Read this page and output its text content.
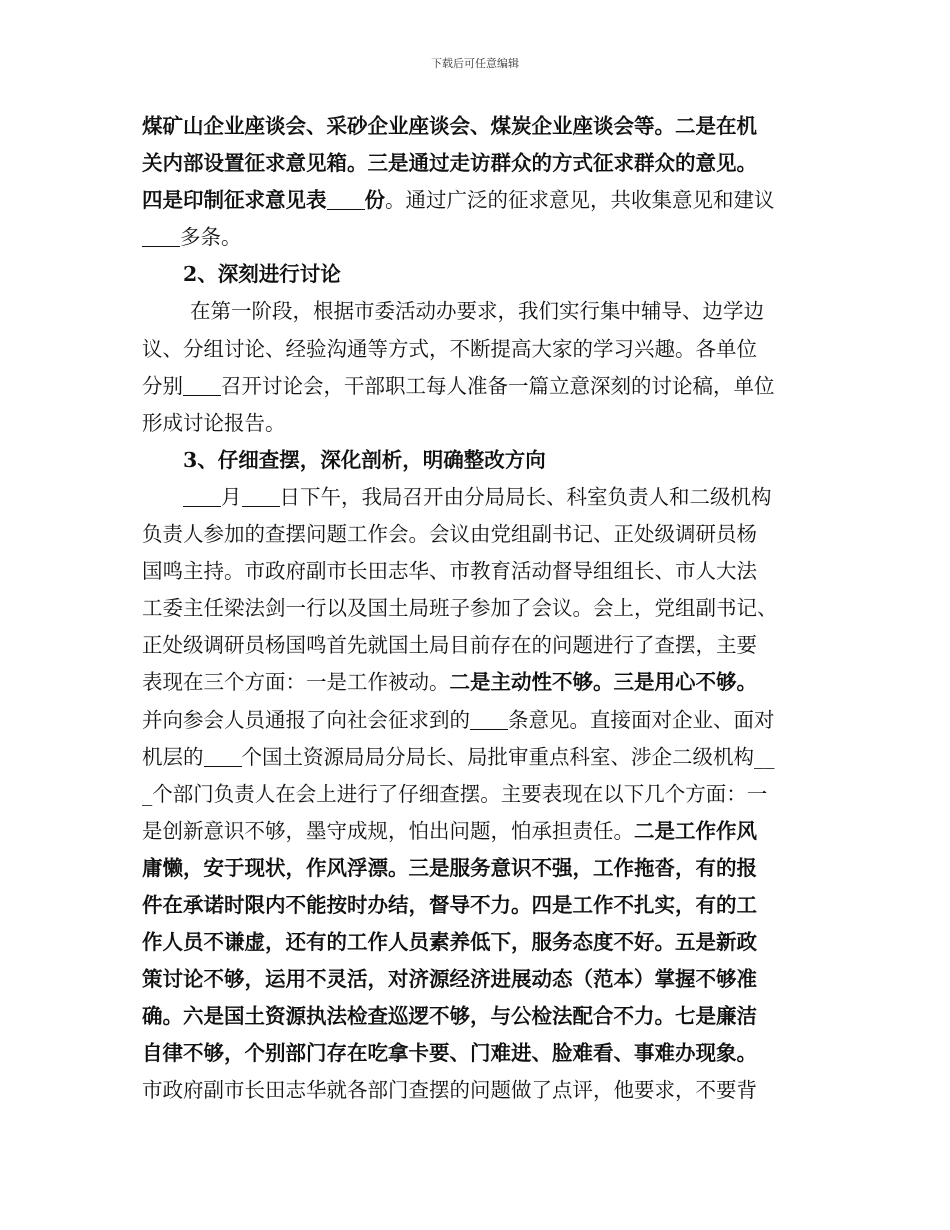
下载后可任意编辑
煤矿山企业座谈会、采砂企业座谈会、煤炭企业座谈会等。二是在机
关内部设置征求意见箱。三是通过走访群众的方式征求群众的意见。
四是印制征求意见表 份。通过广泛的征求意见，共收集意见和建议
多条。
2、深刻进行讨论
在第一阶段，根据市委活动办要求，我们实行集中辅导、边学边
议、分组讨论、经验沟通等方式，不断提高大家的学习兴趣。各单位
分别 召开讨论会，干部职工每人准备一篇立意深刻的讨论稿，单位
形成讨论报告。
3、仔细查摆，深化剖析，明确整改方向
月 日下午，我局召开由分局局长、科室负责人和二级机构
负责人参加的查摆问题工作会。会议由党组副书记、正处级调研员杨
国鸣主持。市政府副市长田志华、市教育活动督导组组长、市人大法
工委主任梁法剑一行以及国土局班子参加了会议。会上，党组副书记、
正处级调研员杨国鸣首先就国土局目前存在的问题进行了查摆，主要
表现在三个方面：一是工作被动。二是主动性不够。三是用心不够。
并向参会人员通报了向社会征求到的 条意见。直接面对企业、面对
机层的 个国土资源局局分局长、局批审重点科室、涉企二级机构__
_个部门负责人在会上进行了仔细查摆。主要表现在以下几个方面：一
是创新意识不够，墨守成规，怕出问题，怕承担责任。二是工作作风
庸懒，安于现状，作风浮漂。三是服务意识不强，工作拖沓，有的报
件在承诺时限内不能按时办结，督导不力。四是工作不扎实，有的工
作人员不谦虚，还有的工作人员素养低下，服务态度不好。五是新政
策讨论不够，运用不灵活，对济源经济进展动态（范本）掌握不够准
确。六是国土资源执法检查巡逻不够，与公检法配合不力。七是廉洁
自律不够，个别部门存在吃拿卡要、门难进、脸难看、事难办现象。
市政府副市长田志华就各部门查摆的问题做了点评，他要求，不要背
